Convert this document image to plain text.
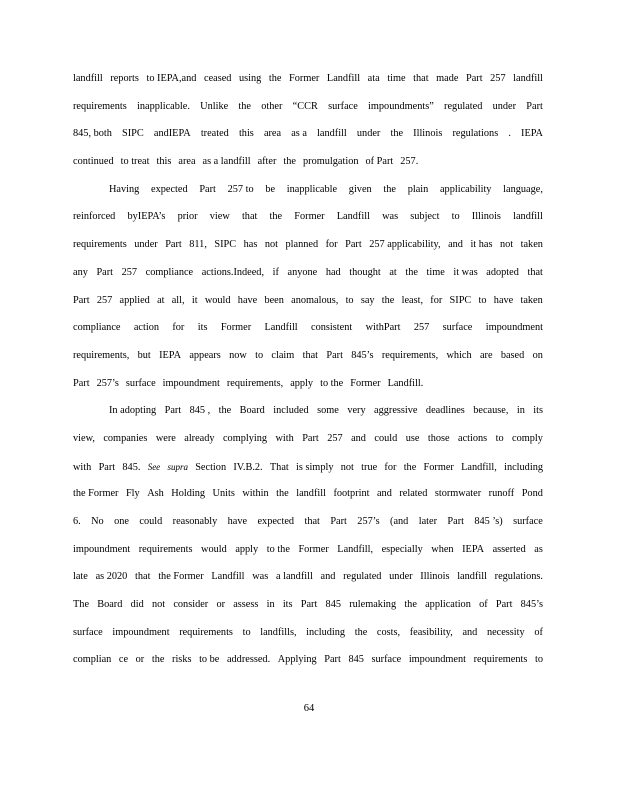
landfill reports to IEPA,and ceased using the Former Landfill ata time that made Part 257 landfill
requirements inapplicable. Unlike the other “CCR surface impoundments” regulated under Part
845, both SIPC andIEPA treated this area as a landfill under the Illinois regulations . IEPA
continued to treat this area as a landfill after the promulgation of Part 257.
Having expected Part 257 to be inapplicable given the plain applicability language,
reinforced byIEPA’s prior view that the Former Landfill was subject to Illinois landfill
requirements under Part 811, SIPC has not planned for Part 257 applicability, and it has not taken
any Part 257 compliance actions.Indeed, if anyone had thought at the time it was adopted that
Part 257 applied at all, it would have been anomalous, to say the least, for SIPC to have taken
compliance action for its Former Landfill consistent withPart 257 surface impoundment
requirements, but IEPA appears now to claim that Part 845’s requirements, which are based on
Part 257’s surface impoundment requirements, apply to the Former Landfill.
In adopting Part 845 , the Board included some very aggressive deadlines because, in its
view, companies were already complying with Part 257 and could use those actions to comply
with Part 845. See supra Section IV.B.2. That is simply not true for the Former Landfill, including
the Former Fly Ash Holding Units within the landfill footprint and related stormwater runoff Pond
6. No one could reasonably have expected that Part 257’s (and later Part 845 ’s) surface
impoundment requirements would apply to the Former Landfill, especially when IEPA asserted as
late as 2020 that the Former Landfill was a landfill and regulated under Illinois landfill regulations.
The Board did not consider or assess in its Part 845 rulemaking the application of Part 845’s
surface impoundment requirements to landfills, including the costs, feasibility, and necessity of
complian ce or the risks to be addressed. Applying Part 845 surface impoundment requirements to
64
